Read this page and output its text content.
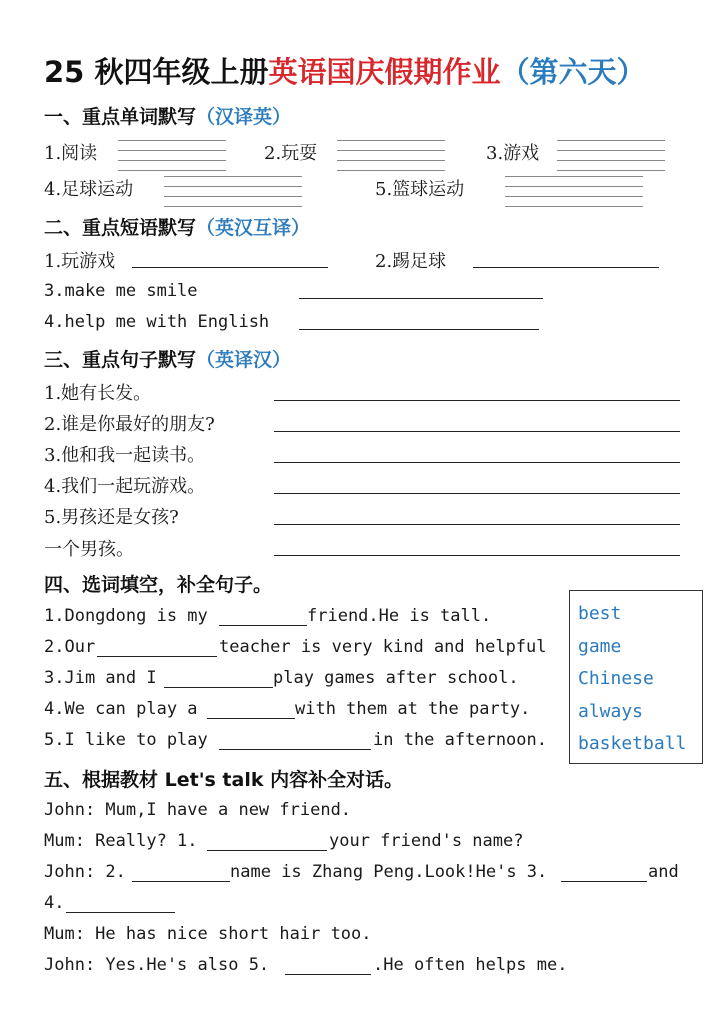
25 秋四年级上册英语国庆假期作业（第六天）
一、重点单词默写（汉译英）
1.阅读	2.玩耍	3.游戏
4.足球运动	5.篮球运动
二、重点短语默写（英汉互译）
1.玩游戏	2.踢足球
3.make me smile
4.help me with English
三、重点句子默写（英译汉）
1.她有长发。
2.谁是你最好的朋友?
3.他和我一起读书。
4.我们一起玩游戏。
5.男孩还是女孩?
一个男孩。
四、选词填空，补全句子。
1.Dongdong is my	friend.He is tall.
2.Our	teacher is very kind and helpful
3.Jim and I	play games after school.
4.We can play a	with them at the party.
5.I like to play	in the afternoon.
best
game
Chinese
always
basketball
五、根据教材 Let's talk 内容补全对话。
John: Mum,I have a new friend.
Mum: Really? 1.	your friend's name?
John: 2.	name is Zhang Peng.Look!He's 3.	and
4.
Mum: He has nice short hair too.
John: Yes.He's also 5.	.He often helps me.
